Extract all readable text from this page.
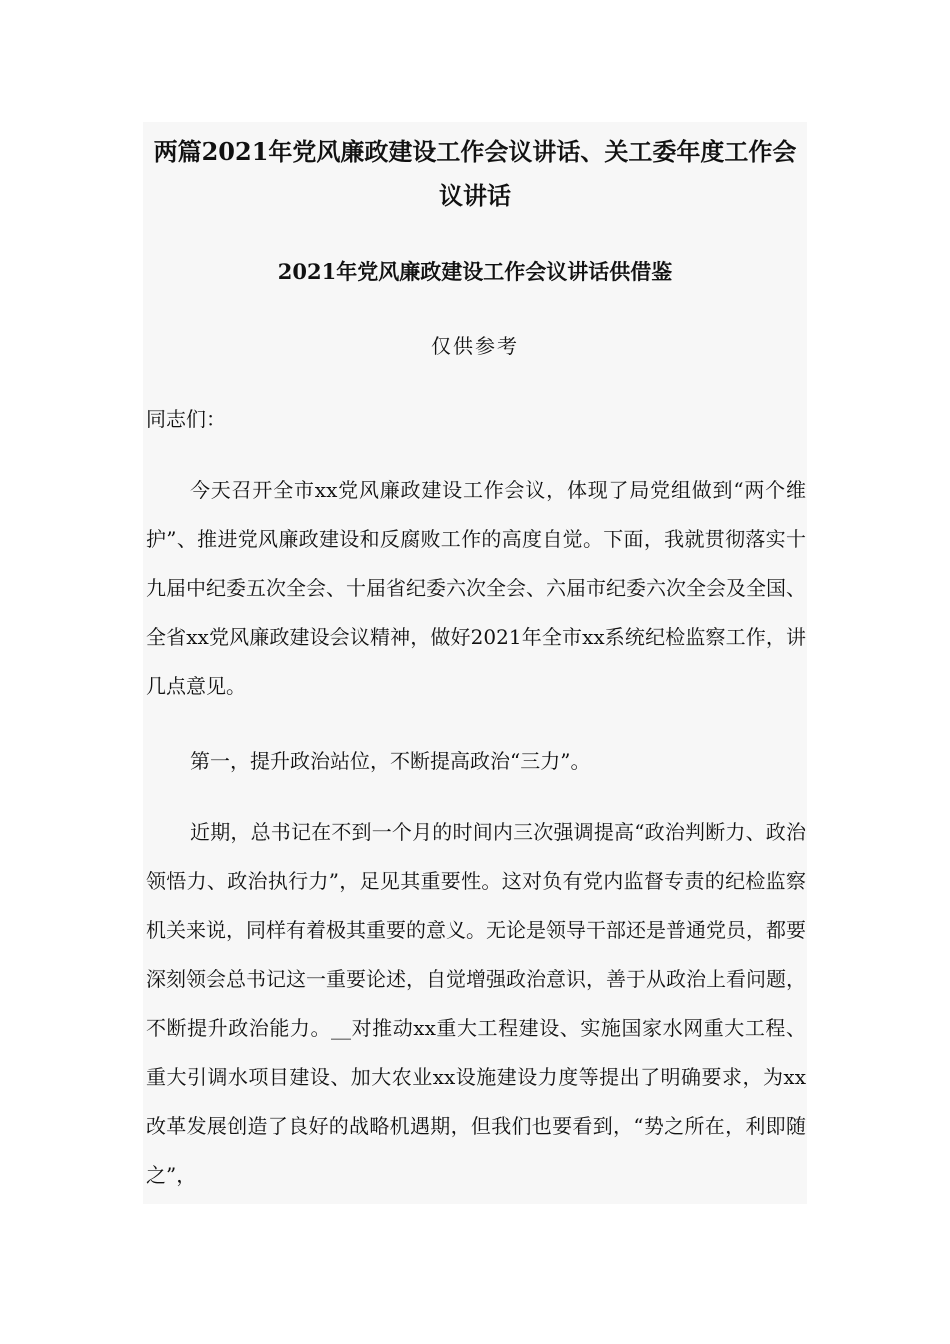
两篇2021年党风廉政建设工作会议讲话、关工委年度工作会议讲话
2021年党风廉政建设工作会议讲话供借鉴

仅供参考

同志们：

今天召开全市xx党风廉政建设工作会议，体现了局党组做到“两个维护”、推进党风廉政建设和反腐败工作的高度自觉。下面，我就贯彻落实十九届中纪委五次全会、十届省纪委六次全会、六届市纪委六次全会及全国、全省xx党风廉政建设会议精神，做好2021年全市xx系统纪检监察工作，讲几点意见。

第一，提升政治站位，不断提高政治“三力”。

近期，总书记在不到一个月的时间内三次强调提高“政治判断力、政治领悟力、政治执行力”，足见其重要性。这对负有党内监督专责的纪检监察机关来说，同样有着极其重要的意义。无论是领导干部还是普通党员，都要深刻领会总书记这一重要论述，自觉增强政治意识，善于从政治上看问题，不断提升政治能力。__对推动xx重大工程建设、实施国家水网重大工程、重大引调水项目建设、加大农业xx设施建设力度等提出了明确要求，为xx改革发展创造了良好的战略机遇期，但我们也要看到，“势之所在，利即随之”，
